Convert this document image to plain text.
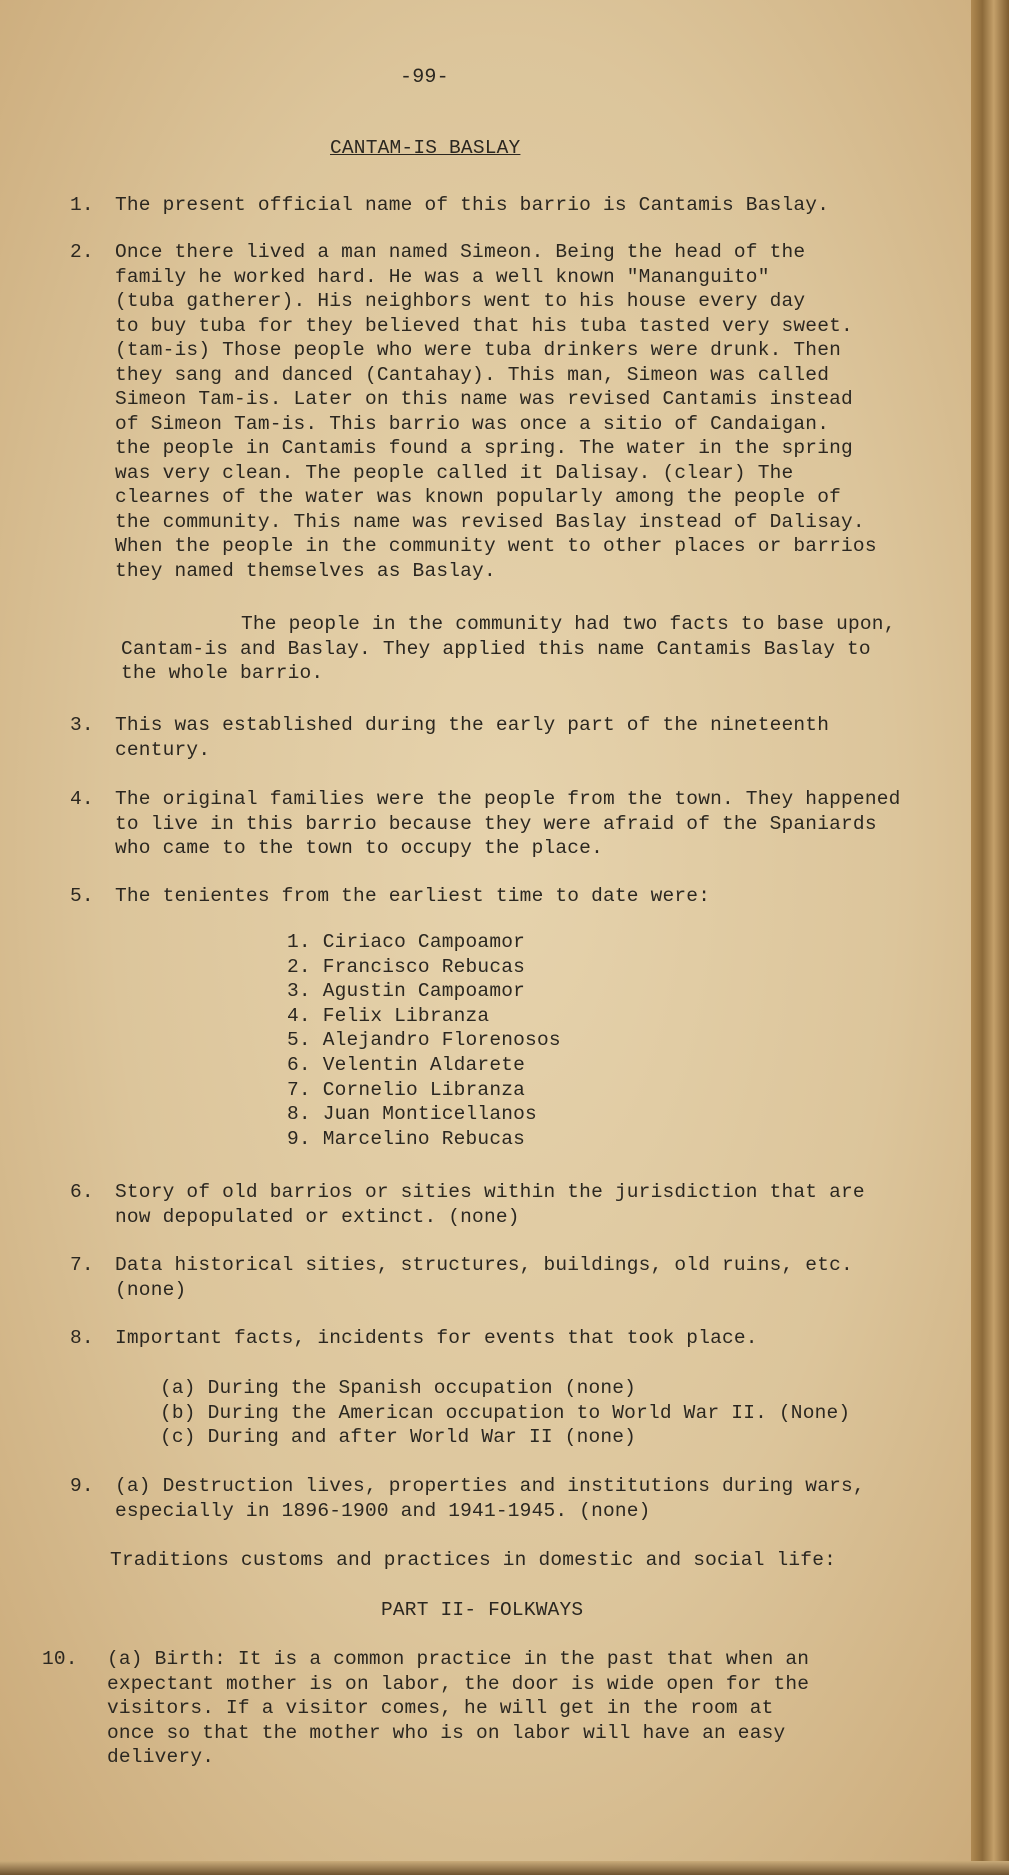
-99-
CANTAM-IS BASLAY
1. The present official name of this barrio is Cantamis Baslay.
2. Once there lived a man named Simeon. Being the head of the
family he worked hard. He was a well known "Mananguito"
(tuba gatherer). His neighbors went to his house every day
to buy tuba for they believed that his tuba tasted very sweet.
(tam-is) Those people who were tuba drinkers were drunk. Then
they sang and danced (Cantahay). This man, Simeon was called
Simeon Tam-is. Later on this name was revised Cantamis instead
of Simeon Tam-is. This barrio was once a sitio of Candaigan.
the people in Cantamis found a spring. The water in the spring
was very clean. The people called it Dalisay. (clear) The
clearnes of the water was known popularly among the people of
the community. This name was revised Baslay instead of Dalisay.
When the people in the community went to other places or barrios
they named themselves as Baslay.
The people in the community had two facts to base upon,
Cantam-is and Baslay. They applied this name Cantamis Baslay to
the whole barrio.
3. This was established during the early part of the nineteenth
century.
4. The original families were the people from the town. They happened
to live in this barrio because they were afraid of the Spaniards
who came to the town to occupy the place.
5. The tenientes from the earliest time to date were:
1. Ciriaco Campoamor
2. Francisco Rebucas
3. Agustin Campoamor
4. Felix Libranza
5. Alejandro Florenosos
6. Velentin Aldarete
7. Cornelio Libranza
8. Juan Monticellanos
9. Marcelino Rebucas
6. Story of old barrios or sities within the jurisdiction that are
now depopulated or extinct. (none)
7. Data historical sities, structures, buildings, old ruins, etc.
(none)
8. Important facts, incidents for events that took place.
(a) During the Spanish occupation (none)
(b) During the American occupation to World War II. (None)
(c) During and after World War II (none)
9. (a) Destruction lives, properties and institutions during wars,
especially in 1896-1900 and 1941-1945. (none)
Traditions customs and practices in domestic and social life:
PART II- FOLKWAYS
10. (a) Birth: It is a common practice in the past that when an
expectant mother is on labor, the door is wide open for the
visitors. If a visitor comes, he will get in the room at
once so that the mother who is on labor will have an easy
delivery.
